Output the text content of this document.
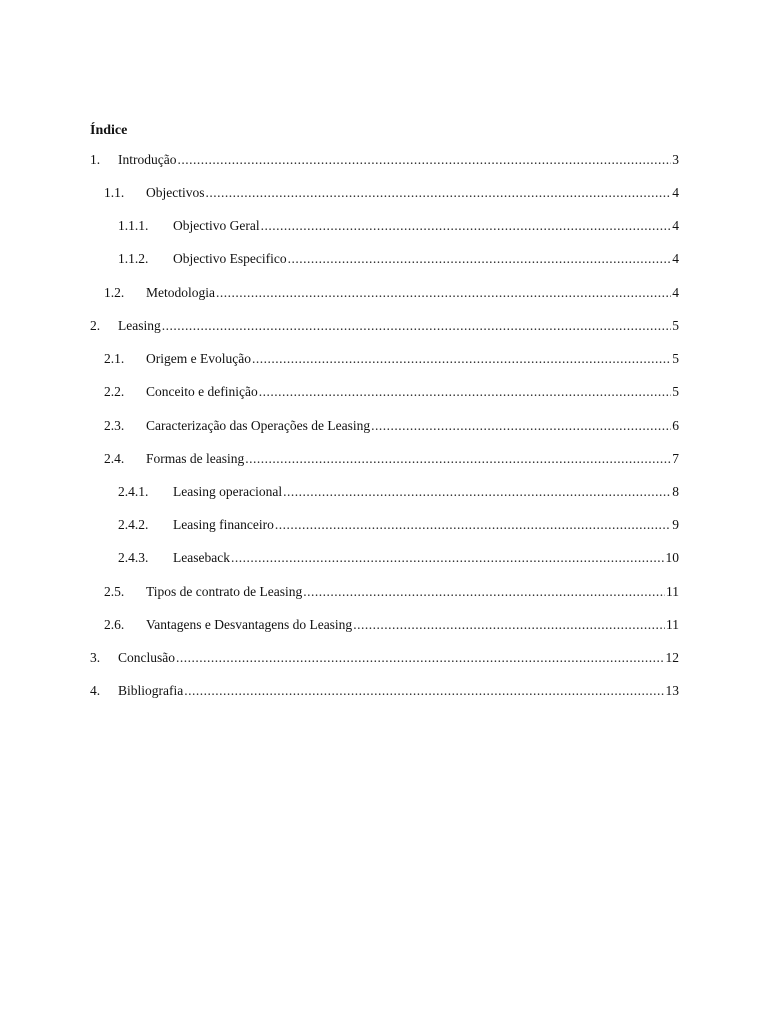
Índice
1.	Introdução .....	3
1.1.	Objectivos .....	4
1.1.1.	Objectivo Geral .....	4
1.1.2.	Objectivo Especifico .....	4
1.2.	Metodologia .....	4
2.	Leasing .....	5
2.1.	Origem e Evolução .....	5
2.2.	Conceito e definição .....	5
2.3.	Caracterização das Operações de Leasing .....	6
2.4.	Formas de leasing .....	7
2.4.1.	Leasing operacional .....	8
2.4.2.	Leasing financeiro .....	9
2.4.3.	Leaseback .....	10
2.5.	Tipos de contrato de Leasing .....	11
2.6.	Vantagens e Desvantagens do Leasing .....	11
3.	Conclusão .....	12
4.	Bibliografia .....	13
